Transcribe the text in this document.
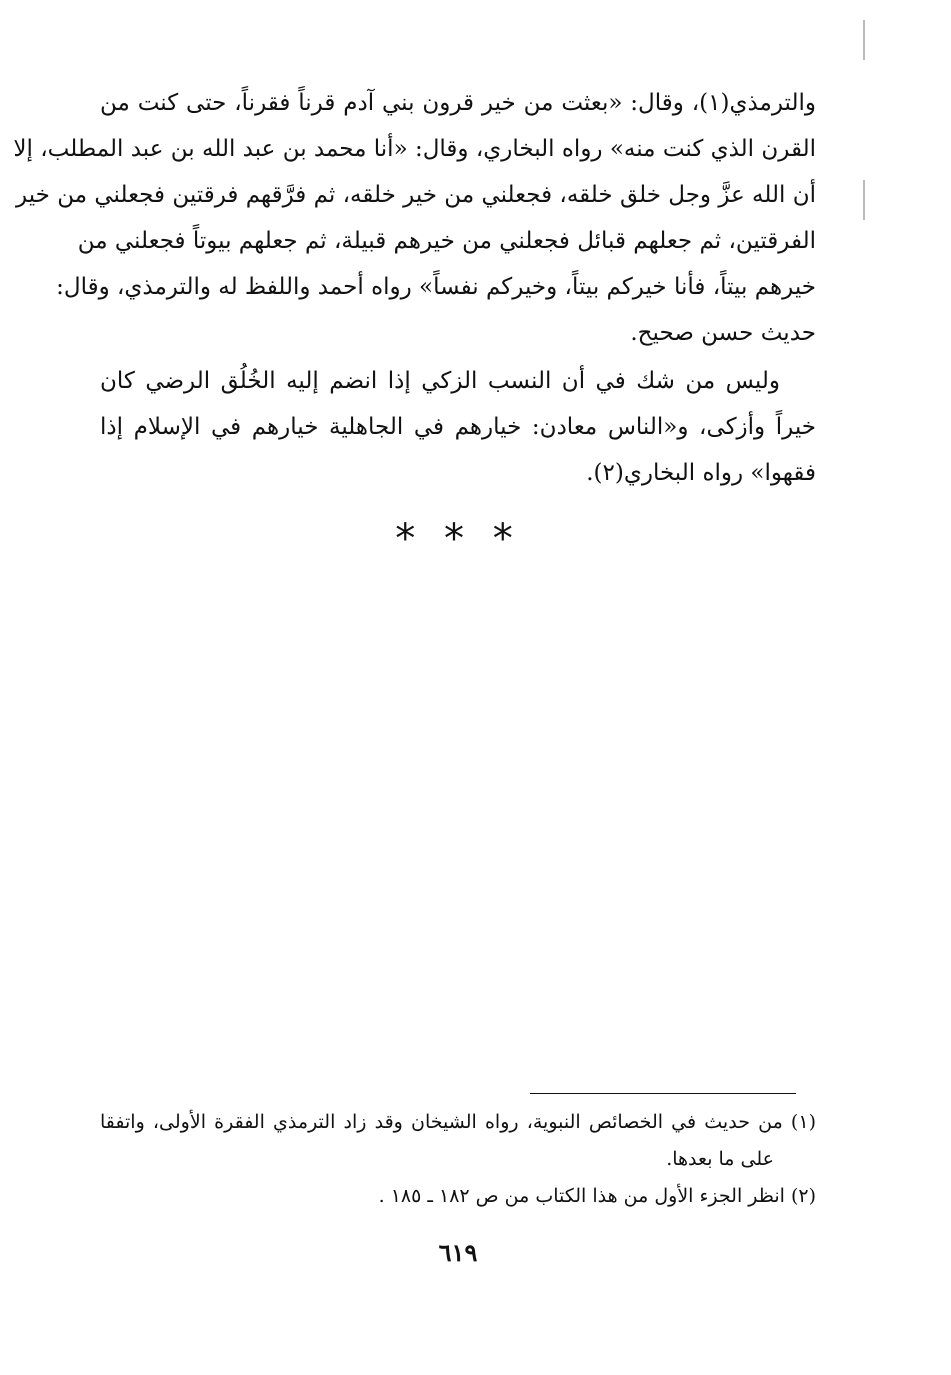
والترمذي(١)، وقال: «بعثت من خير قرون بني آدم قرناً فقرناً، حتى كنت من
القرن الذي كنت منه» رواه البخاري، وقال: «أنا محمد بن عبد الله بن عبد المطلب، إلا
أن الله عزَّ وجل خلق خلقه، فجعلني من خير خلقه، ثم فرَّقهم فرقتين فجعلني من خير
الفرقتين، ثم جعلهم قبائل فجعلني من خيرهم قبيلة، ثم جعلهم بيوتاً فجعلني من
خيرهم بيتاً، فأنا خيركم بيتاً، وخيركم نفساً» رواه أحمد واللفظ له والترمذي، وقال:
حديث حسن صحيح.
وليس من شك في أن النسب الزكي إذا انضم إليه الخُلُق الرضي كان
خيراً وأزكى، و«الناس معادن: خيارهم في الجاهلية خيارهم في الإسلام إذا
فقهوا» رواه البخاري(٢).
* * *
(١) من حديث في الخصائص النبوية، رواه الشيخان وقد زاد الترمذي الفقرة الأولى، واتفقا
على ما بعدها.
(٢) انظر الجزء الأول من هذا الكتاب من ص ١٨٢ ـ ١٨٥ .
٦١٩
